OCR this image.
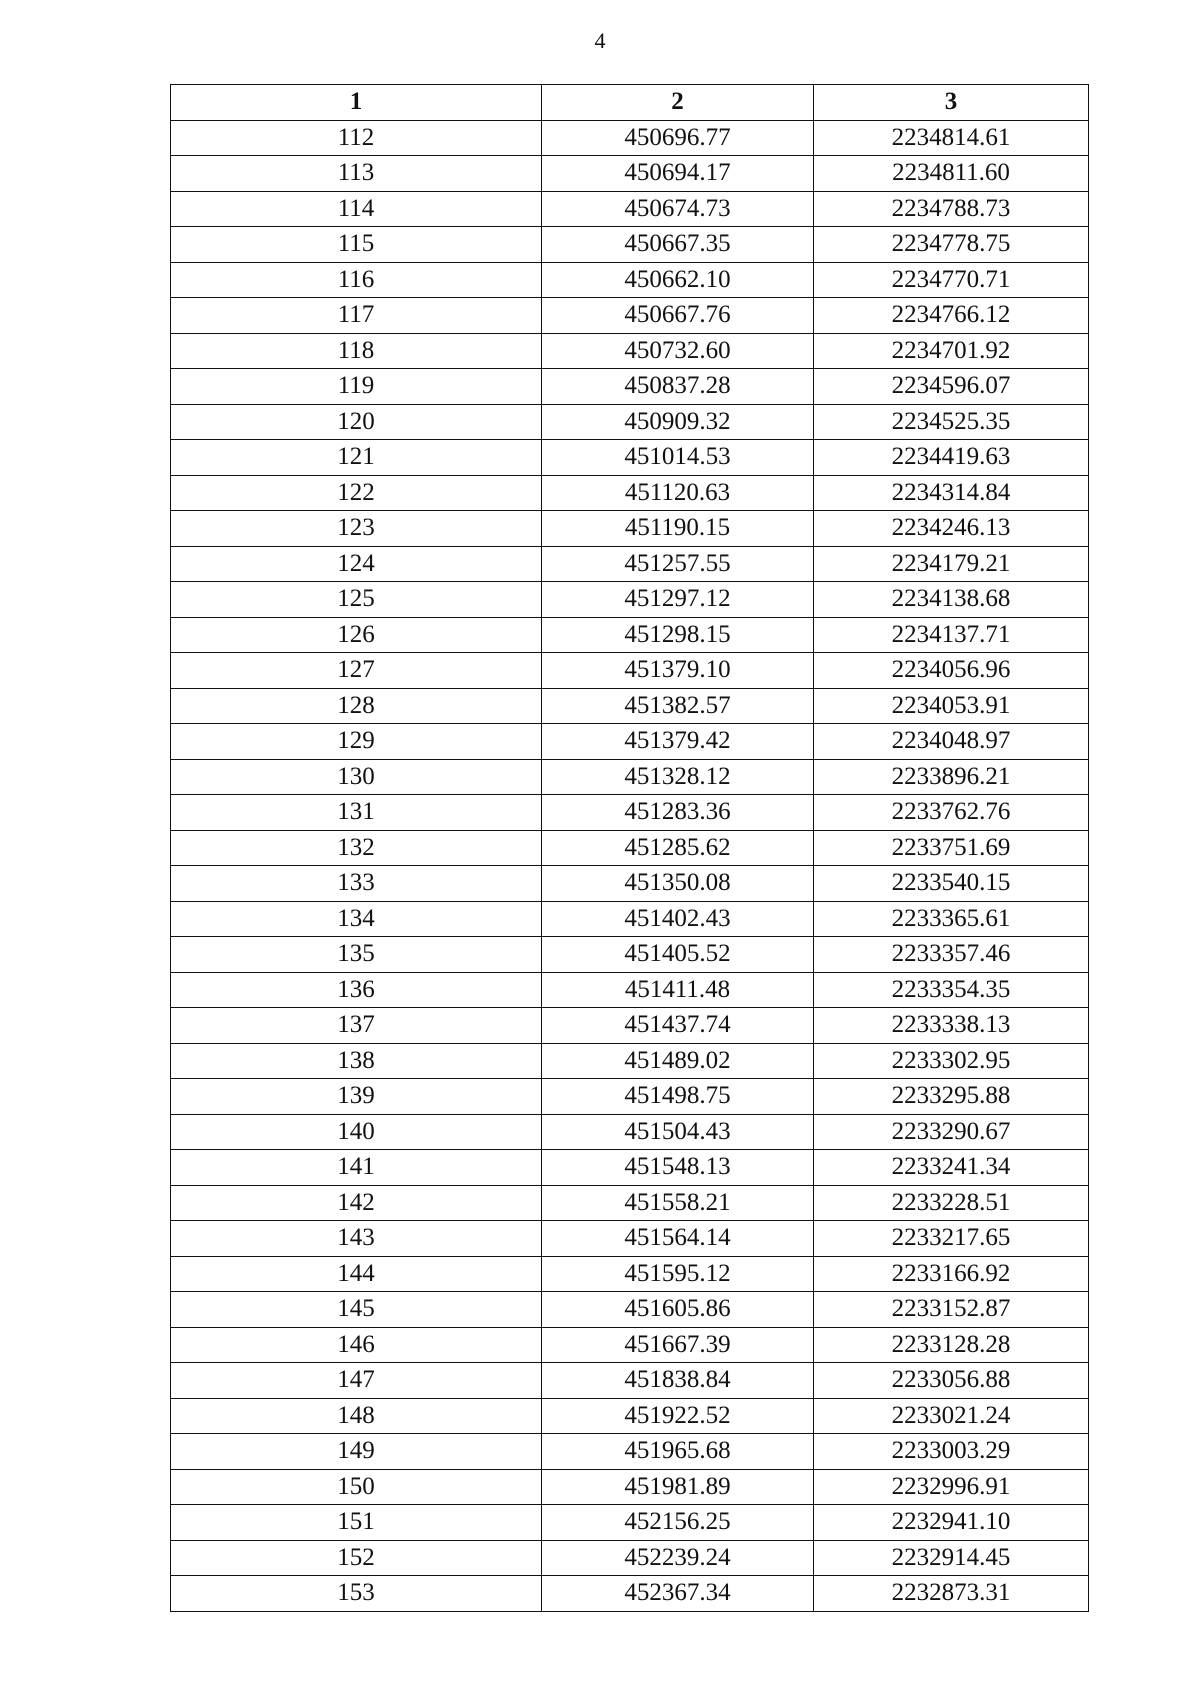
4
1	2	3
112	450696.77	2234814.61
113	450694.17	2234811.60
114	450674.73	2234788.73
115	450667.35	2234778.75
116	450662.10	2234770.71
117	450667.76	2234766.12
118	450732.60	2234701.92
119	450837.28	2234596.07
120	450909.32	2234525.35
121	451014.53	2234419.63
122	451120.63	2234314.84
123	451190.15	2234246.13
124	451257.55	2234179.21
125	451297.12	2234138.68
126	451298.15	2234137.71
127	451379.10	2234056.96
128	451382.57	2234053.91
129	451379.42	2234048.97
130	451328.12	2233896.21
131	451283.36	2233762.76
132	451285.62	2233751.69
133	451350.08	2233540.15
134	451402.43	2233365.61
135	451405.52	2233357.46
136	451411.48	2233354.35
137	451437.74	2233338.13
138	451489.02	2233302.95
139	451498.75	2233295.88
140	451504.43	2233290.67
141	451548.13	2233241.34
142	451558.21	2233228.51
143	451564.14	2233217.65
144	451595.12	2233166.92
145	451605.86	2233152.87
146	451667.39	2233128.28
147	451838.84	2233056.88
148	451922.52	2233021.24
149	451965.68	2233003.29
150	451981.89	2232996.91
151	452156.25	2232941.10
152	452239.24	2232914.45
153	452367.34	2232873.31
